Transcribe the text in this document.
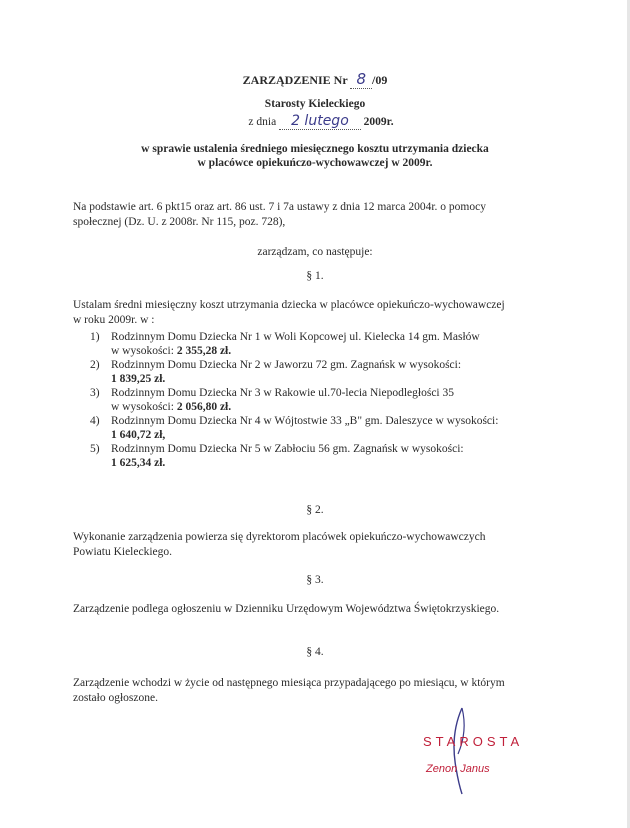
ZARZĄDZENIE Nr 8 /09
Starosty Kieleckiego
z dnia 2 lutego 2009r.
w sprawie ustalenia średniego miesięcznego kosztu utrzymania dziecka
w placówce opiekuńczo-wychowawczej w 2009r.
Na podstawie art. 6 pkt15 oraz art. 86 ust. 7 i 7a ustawy z dnia 12 marca 2004r. o pomocy
społecznej (Dz. U. z 2008r. Nr 115, poz. 728),
zarządzam, co następuje:
§ 1.
Ustalam średni miesięczny koszt utrzymania dziecka w placówce opiekuńczo-wychowawczej
w roku 2009r. w :
1) Rodzinnym Domu Dziecka Nr 1 w Woli Kopcowej ul. Kielecka 14 gm. Masłów
w wysokości: 2 355,28 zł.
2) Rodzinnym Domu Dziecka Nr 2 w Jaworzu 72 gm. Zagnańsk w wysokości:
1 839,25 zł.
3) Rodzinnym Domu Dziecka Nr 3 w Rakowie ul.70-lecia Niepodległości 35
w wysokości: 2 056,80 zł.
4) Rodzinnym Domu Dziecka Nr 4 w Wójtostwie 33 „B" gm. Daleszyce w wysokości:
1 640,72 zł,
5) Rodzinnym Domu Dziecka Nr 5 w Zabłociu 56 gm. Zagnańsk w wysokości:
1 625,34 zł.
§ 2.
Wykonanie zarządzenia powierza się dyrektorom placówek opiekuńczo-wychowawczych
Powiatu Kieleckiego.
§ 3.
Zarządzenie podlega ogłoszeniu w Dzienniku Urzędowym Województwa Świętokrzyskiego.
§ 4.
Zarządzenie wchodzi w życie od następnego miesiąca przypadającego po miesiącu, w którym
zostało ogłoszone.
STAROSTA
Zenon Janus
